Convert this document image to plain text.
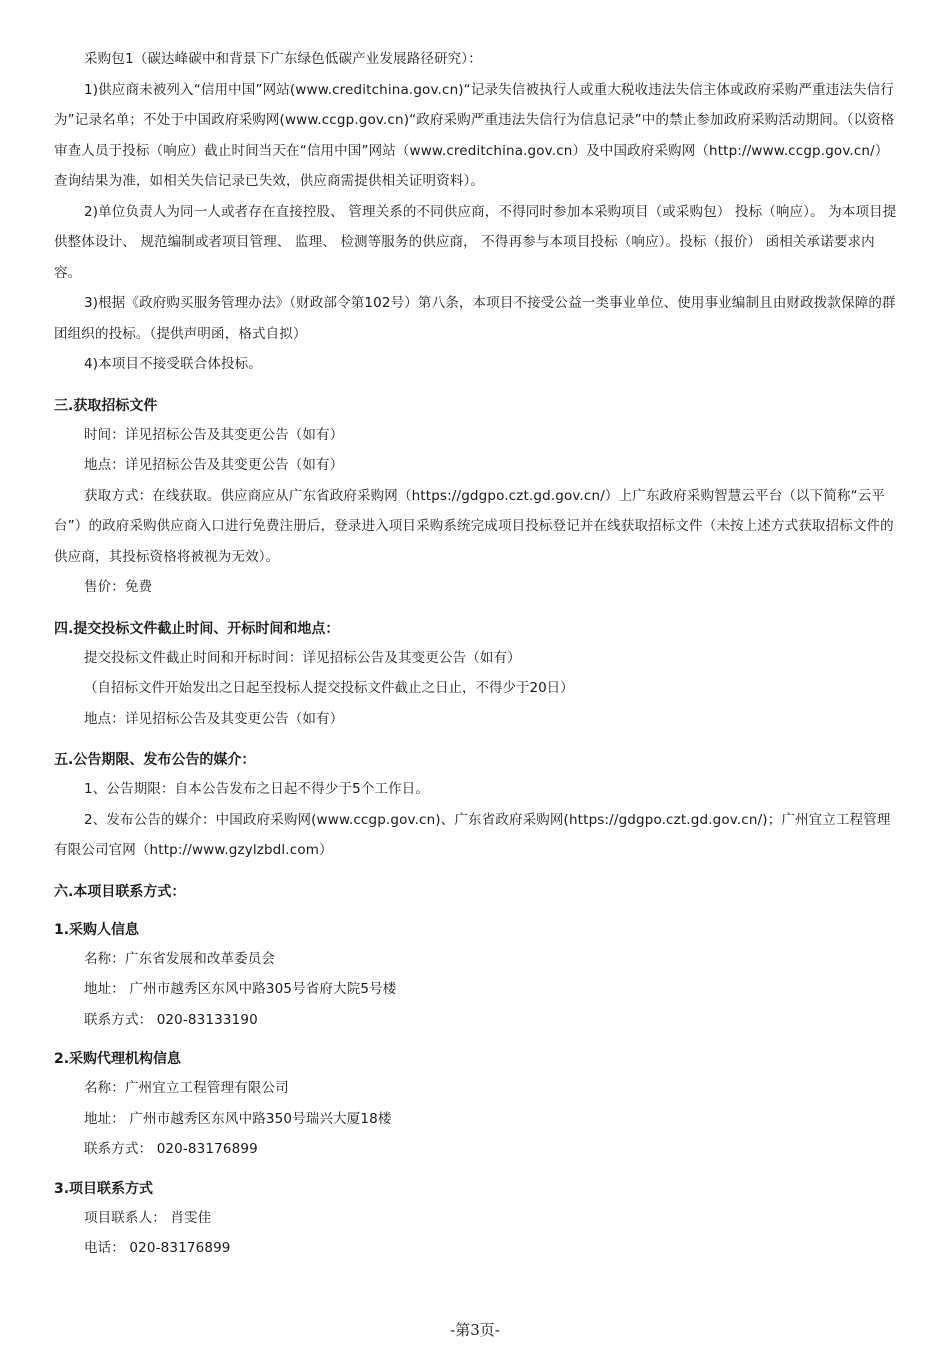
采购包1（碳达峰碳中和背景下广东绿色低碳产业发展路径研究）：

1)供应商未被列入“信用中国”网站(www.creditchina.gov.cn)“记录失信被执行人或重大税收违法失信主体或政府采购严重违法失信行为”记录名单；不处于中国政府采购网(www.ccgp.gov.cn)“政府采购严重违法失信行为信息记录”中的禁止参加政府采购活动期间。（以资格审查人员于投标（响应）截止时间当天在“信用中国”网站（www.creditchina.gov.cn）及中国政府采购网（http://www.ccgp.gov.cn/）查询结果为准，如相关失信记录已失效，供应商需提供相关证明资料）。

2)单位负责人为同一人或者存在直接控股、 管理关系的不同供应商，不得同时参加本采购项目（或采购包） 投标（响应）。 为本项目提供整体设计、 规范编制或者项目管理、 监理、 检测等服务的供应商， 不得再参与本项目投标（响应）。投标（报价） 函相关承诺要求内容。

3)根据《政府购买服务管理办法》（财政部令第102号）第八条，本项目不接受公益一类事业单位、使用事业编制且由财政拨款保障的群团组织的投标。（提供声明函，格式自拟）

4)本项目不接受联合体投标。

三.获取招标文件

时间：详见招标公告及其变更公告（如有）

地点：详见招标公告及其变更公告（如有）

获取方式：在线获取。供应商应从广东省政府采购网（https://gdgpo.czt.gd.gov.cn/）上广东政府采购智慧云平台（以下简称“云平台”）的政府采购供应商入口进行免费注册后，登录进入项目采购系统完成项目投标登记并在线获取招标文件（未按上述方式获取招标文件的供应商，其投标资格将被视为无效）。

售价：免费

四.提交投标文件截止时间、开标时间和地点：

提交投标文件截止时间和开标时间：详见招标公告及其变更公告（如有）

（自招标文件开始发出之日起至投标人提交投标文件截止之日止，不得少于20日）

地点：详见招标公告及其变更公告（如有）

五.公告期限、发布公告的媒介：

1、公告期限：自本公告发布之日起不得少于5个工作日。

2、发布公告的媒介：中国政府采购网(www.ccgp.gov.cn)、广东省政府采购网(https://gdgpo.czt.gd.gov.cn/)；广州宜立工程管理有限公司官网（http://www.gzylzbdl.com）

六.本项目联系方式：

1.采购人信息

名称：广东省发展和改革委员会

地址： 广州市越秀区东风中路305号省府大院5号楼

联系方式： 020-83133190

2.采购代理机构信息

名称：广州宜立工程管理有限公司

地址： 广州市越秀区东风中路350号瑞兴大厦18楼

联系方式： 020-83176899

3.项目联系方式

项目联系人： 肖雯佳

电话： 020-83176899

-第3页-
